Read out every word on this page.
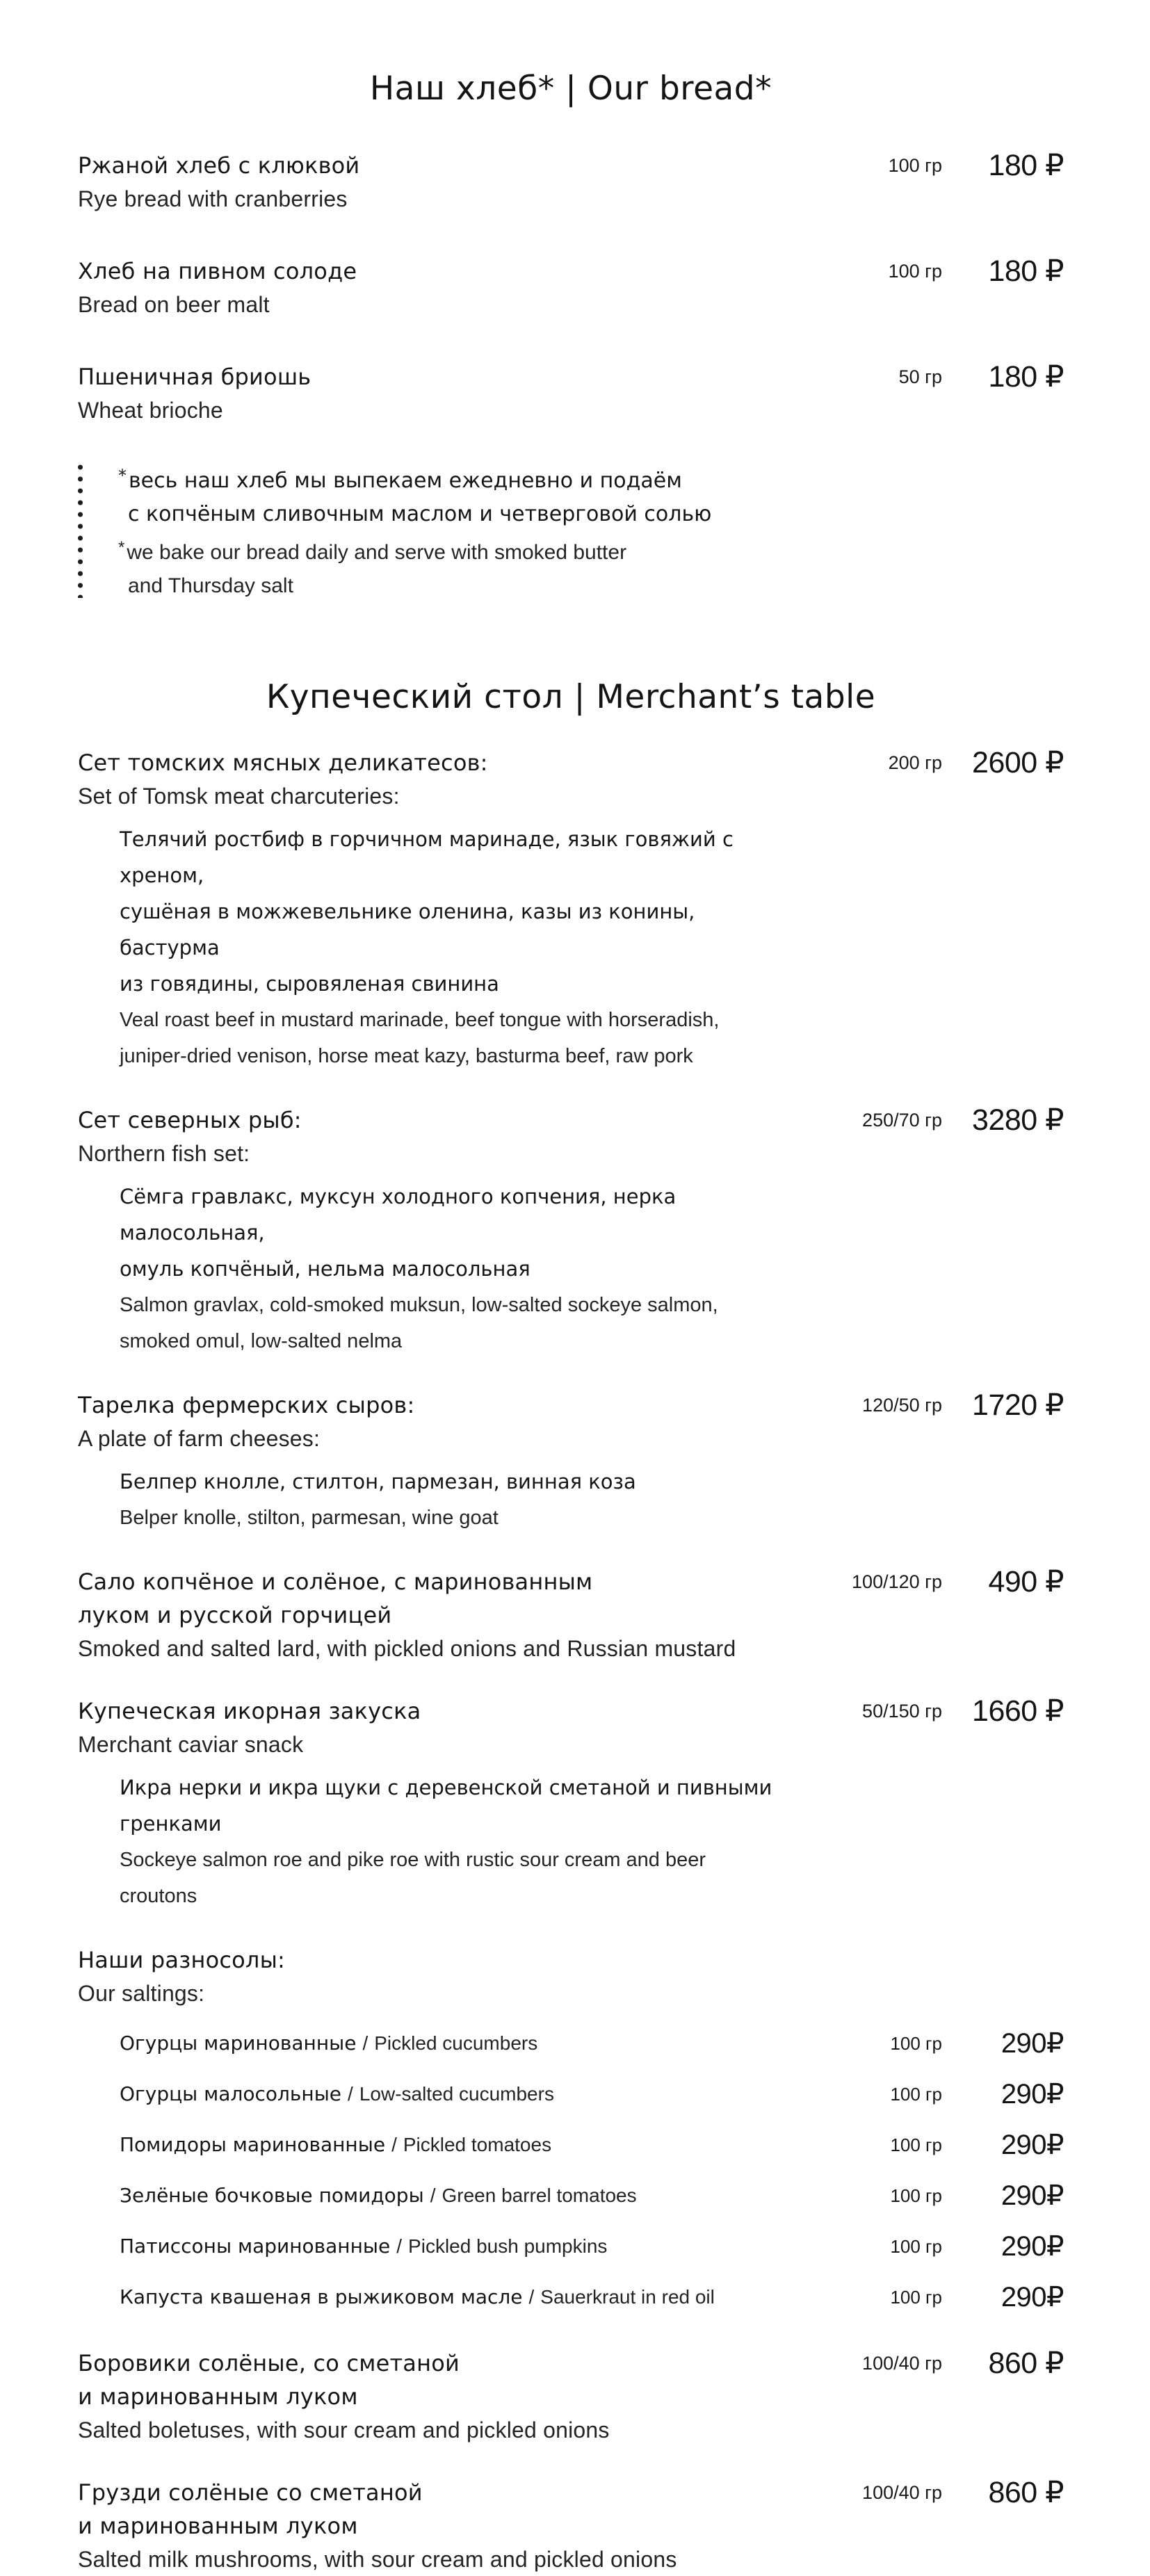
Наш хлеб* | Our bread*
Ржаной хлеб с клюквой
Rye bread with cranberries
100 гр	180 ₽
Хлеб на пивном солоде
Bread on beer malt
100 гр	180 ₽
Пшеничная бриошь
Wheat brioche
50 гр	180 ₽
* весь наш хлеб мы выпекаем ежедневно и подаём
с копчёным сливочным маслом и четверговой солью
* we bake our bread daily and serve with smoked butter
and Thursday salt
Купеческий стол | Merchant’s table
Сет томских мясных деликатесов:
Set of Tomsk meat charcuteries:
Телячий ростбиф в горчичном маринаде, язык говяжий с хреном,
сушёная в можжевельнике оленина, казы из конины, бастурма
из говядины, сыровяленая свинина
Veal roast beef in mustard marinade, beef tongue with horseradish,
juniper-dried venison, horse meat kazy, basturma beef, raw pork
200 гр	2600 ₽
Сет северных рыб:
Northern fish set:
Сёмга гравлакс, муксун холодного копчения, нерка малосольная,
омуль копчёный, нельма малосольная
Salmon gravlax, cold-smoked muksun, low-salted sockeye salmon,
smoked omul, low-salted nelma
250/70 гр	3280 ₽
Тарелка фермерских сыров:
A plate of farm cheeses:
Белпер кнолле, стилтон, пармезан, винная коза
Belper knolle, stilton, parmesan, wine goat
120/50 гр	1720 ₽
Сало копчёное и солёное, с маринованным
луком и русской горчицей
Smoked and salted lard, with pickled onions and Russian mustard
100/120 гр	490 ₽
Купеческая икорная закуска
Merchant caviar snack
Икра нерки и икра щуки с деревенской сметаной и пивными гренками
Sockeye salmon roe and pike roe with rustic sour cream and beer croutons
50/150 гр	1660 ₽
Наши разносолы:
Our saltings:
Огурцы маринованные / Pickled cucumbers	100 гр	290₽
Огурцы малосольные / Low-salted cucumbers	100 гр	290₽
Помидоры маринованные / Pickled tomatoes	100 гр	290₽
Зелёные бочковые помидоры / Green barrel tomatoes	100 гр	290₽
Патиссоны маринованные / Pickled bush pumpkins	100 гр	290₽
Капуста квашеная в рыжиковом масле / Sauerkraut in red oil	100 гр	290₽
Боровики солёные, со сметаной
и маринованным луком
Salted boletuses, with sour cream and pickled onions
100/40 гр	860 ₽
Грузди солёные со сметаной
и маринованным луком
Salted milk mushrooms, with sour cream and pickled onions
100/40 гр	860 ₽
